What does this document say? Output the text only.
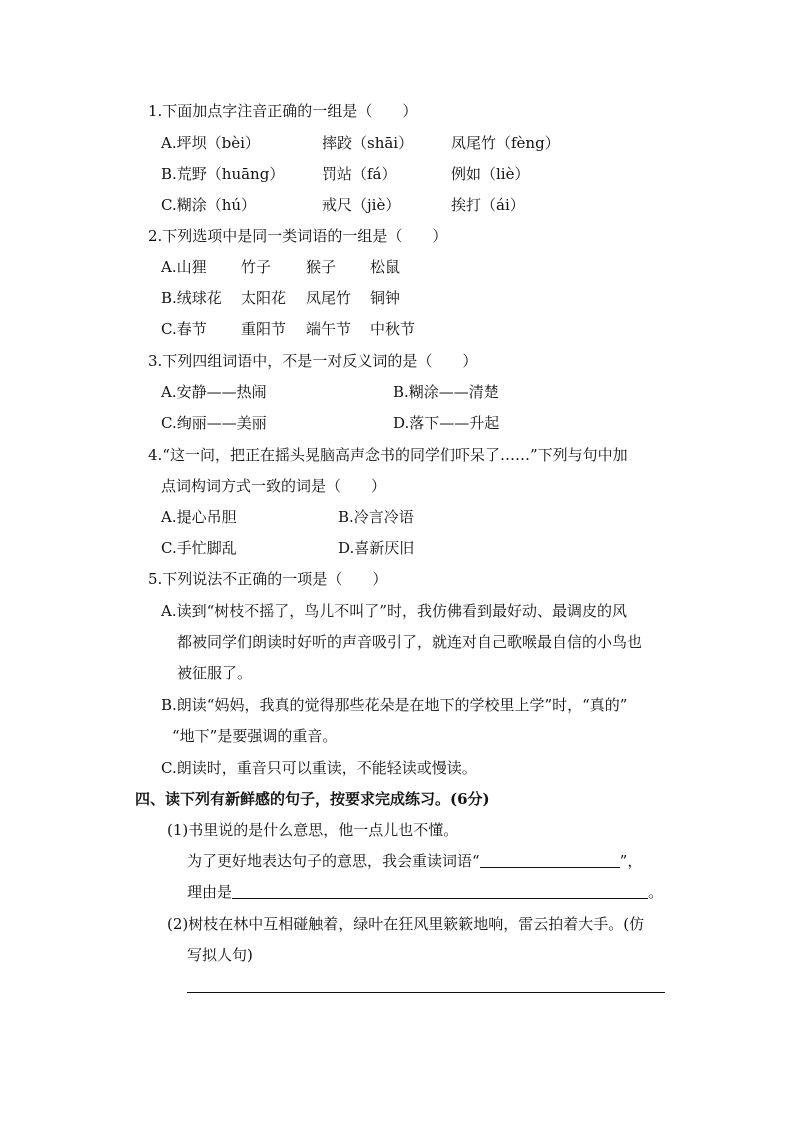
1.下面加点字注音正确的一组是（　　）
A.坪坝（bèi）	摔跤（shāi）	凤尾竹（fèng）
B.荒野（huāng）	罚站（fá）	例如（liè）
C.糊涂（hú）	戒尺（jiè）	挨打（ái）
2.下列选项中是同一类词语的一组是（　　）
A.山狸 竹子 猴子 松鼠
B.绒球花 太阳花 凤尾竹 铜钟
C.春节 重阳节 端午节 中秋节
3.下列四组词语中，不是一对反义词的是（　　）
A.安静——热闹	B.糊涂——清楚
C.绚丽——美丽	D.落下——升起
4.“这一问，把正在摇头晃脑高声念书的同学们吓呆了……”下列与句中加
点词构词方式一致的词是（　　）
A.提心吊胆	B.冷言冷语
C.手忙脚乱	D.喜新厌旧
5.下列说法不正确的一项是（　　）
A.读到“树枝不摇了，鸟儿不叫了”时，我仿佛看到最好动、最调皮的风
都被同学们朗读时好听的声音吸引了，就连对自己歌喉最自信的小鸟也
被征服了。
B.朗读“妈妈，我真的觉得那些花朵是在地下的学校里上学”时，“真的”
“地下”是要强调的重音。
C.朗读时，重音只可以重读，不能轻读或慢读。
四、读下列有新鲜感的句子，按要求完成练习。(6分)
(1)书里说的是什么意思，他一点儿也不懂。
为了更好地表达句子的意思，我会重读词语“	”，
理由是	。
(2)树枝在林中互相碰触着，绿叶在狂风里簌簌地响，雷云拍着大手。(仿
写拟人句)
